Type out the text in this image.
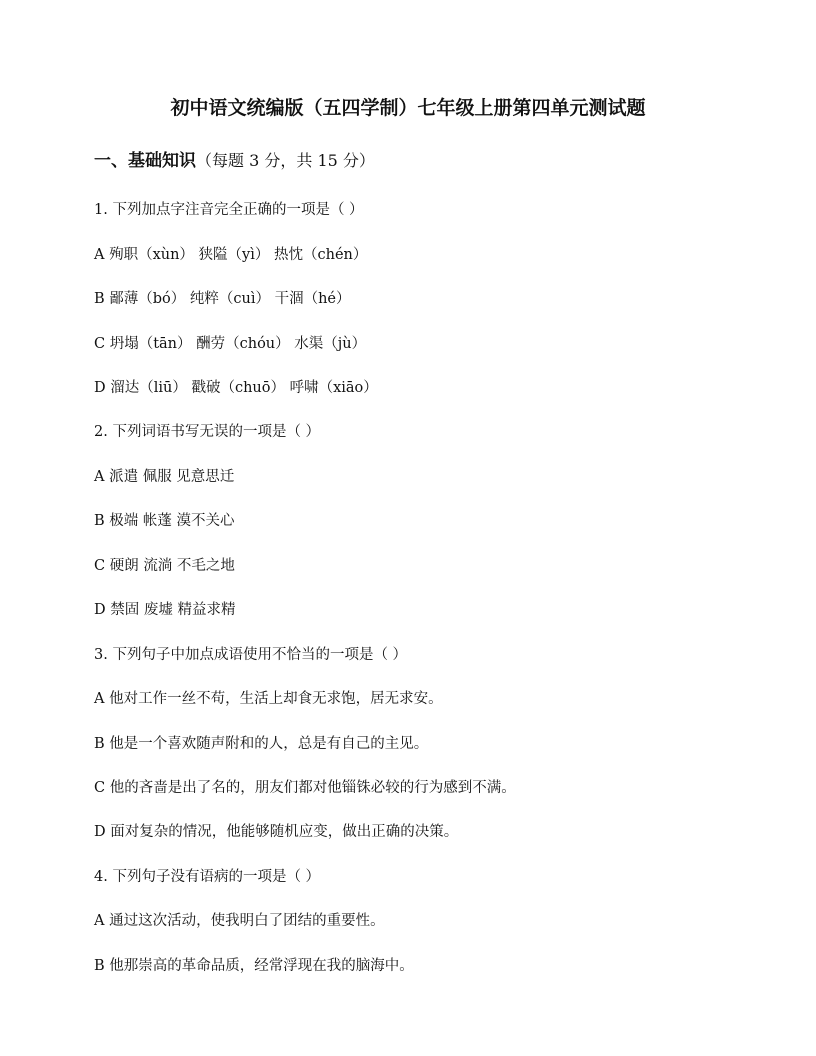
初中语文统编版（五四学制）七年级上册第四单元测试题
一、基础知识（每题 3 分，共 15 分）
1. 下列加点字注音完全正确的一项是（ ）
A 殉职（xùn） 狭隘（yì） 热忱（chén）
B 鄙薄（bó） 纯粹（cuì） 干涸（hé）
C 坍塌（tān） 酬劳（chóu） 水渠（jù）
D 溜达（liū） 戳破（chuō） 呼啸（xiāo）
2. 下列词语书写无误的一项是（ ）
A 派遣 佩服 见意思迁
B 极端 帐蓬 漠不关心
C 硬朗 流淌 不毛之地
D 禁固 废墟 精益求精
3. 下列句子中加点成语使用不恰当的一项是（ ）
A 他对工作一丝不苟，生活上却食无求饱，居无求安。
B 他是一个喜欢随声附和的人，总是有自己的主见。
C 他的吝啬是出了名的，朋友们都对他锱铢必较的行为感到不满。
D 面对复杂的情况，他能够随机应变，做出正确的决策。
4. 下列句子没有语病的一项是（ ）
A 通过这次活动，使我明白了团结的重要性。
B 他那崇高的革命品质，经常浮现在我的脑海中。
